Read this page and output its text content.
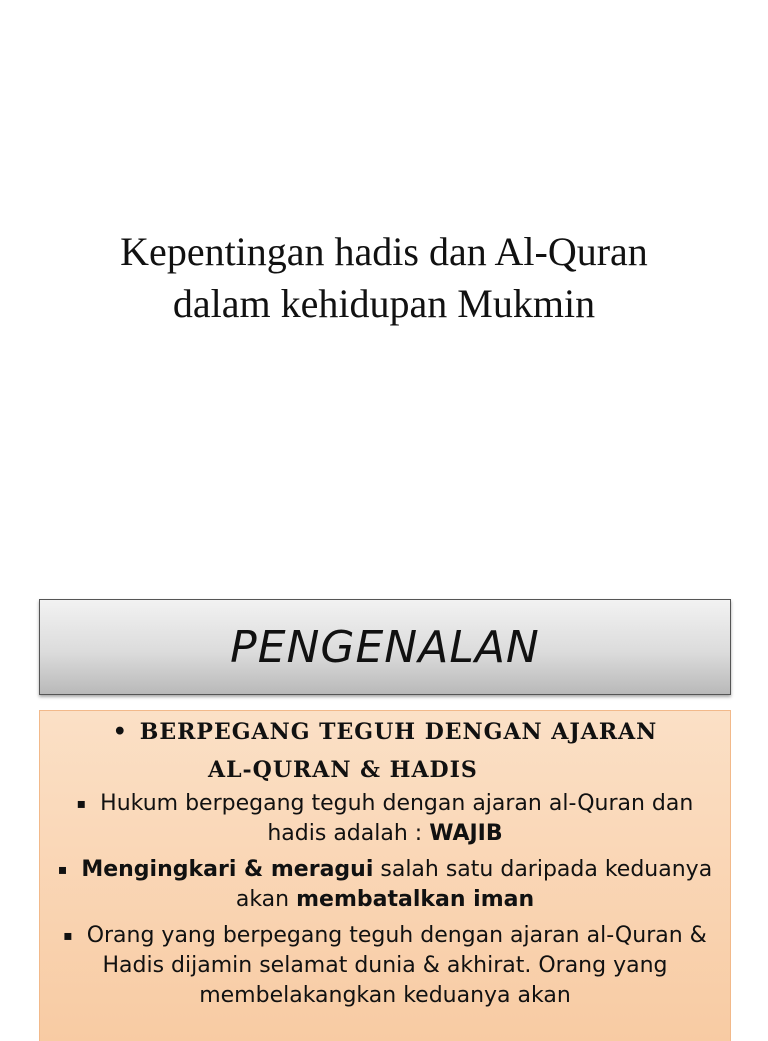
Kepentingan hadis dan Al-Quran
dalam kehidupan Mukmin
PENGENALAN
• BERPEGANG TEGUH DENGAN AJARAN
AL-QURAN & HADIS
▪ Hukum berpegang teguh dengan ajaran al-Quran dan hadis adalah : WAJIB
▪ Mengingkari & meragui salah satu daripada keduanya akan membatalkan iman
▪ Orang yang berpegang teguh dengan ajaran al-Quran & Hadis dijamin selamat dunia & akhirat. Orang yang membelakangkan keduanya akan
